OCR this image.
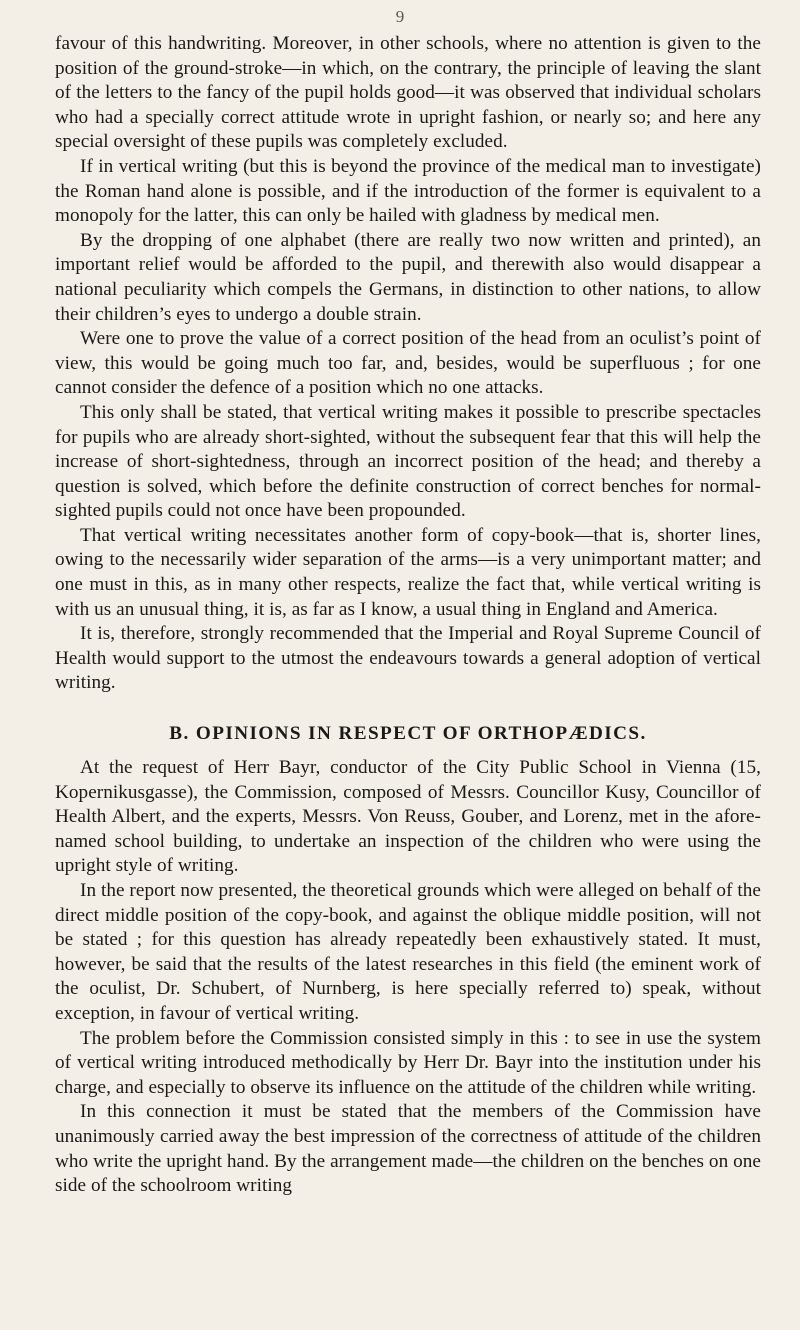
9

favour of this handwriting. Moreover, in other schools, where no attention is given to the position of the ground-stroke—in which, on the contrary, the principle of leaving the slant of the letters to the fancy of the pupil holds good—it was observed that individual scholars who had a specially correct attitude wrote in upright fashion, or nearly so; and here any special oversight of these pupils was completely excluded.

If in vertical writing (but this is beyond the province of the medical man to investigate) the Roman hand alone is possible, and if the introduction of the former is equivalent to a monopoly for the latter, this can only be hailed with gladness by medical men.

By the dropping of one alphabet (there are really two now written and printed), an important relief would be afforded to the pupil, and therewith also would disappear a national peculiarity which compels the Germans, in distinction to other nations, to allow their children’s eyes to undergo a double strain.

Were one to prove the value of a correct position of the head from an oculist’s point of view, this would be going much too far, and, besides, would be superfluous ; for one cannot consider the defence of a position which no one attacks.

This only shall be stated, that vertical writing makes it possible to prescribe spectacles for pupils who are already short-sighted, without the subsequent fear that this will help the increase of short-sightedness, through an incorrect position of the head; and thereby a question is solved, which before the definite construction of correct benches for normal-sighted pupils could not once have been propounded.

That vertical writing necessitates another form of copy-book—that is, shorter lines, owing to the necessarily wider separation of the arms—is a very unimportant matter; and one must in this, as in many other respects, realize the fact that, while vertical writing is with us an unusual thing, it is, as far as I know, a usual thing in England and America.

It is, therefore, strongly recommended that the Imperial and Royal Supreme Council of Health would support to the utmost the endeavours towards a general adoption of vertical writing.

B. OPINIONS IN RESPECT OF ORTHOPÆDICS.

At the request of Herr Bayr, conductor of the City Public School in Vienna (15, Kopernikusgasse), the Commission, composed of Messrs. Councillor Kusy, Councillor of Health Albert, and the experts, Messrs. Von Reuss, Gouber, and Lorenz, met in the afore-named school building, to undertake an inspection of the children who were using the upright style of writing.

In the report now presented, the theoretical grounds which were alleged on behalf of the direct middle position of the copy-book, and against the oblique middle position, will not be stated ; for this question has already repeatedly been exhaustively stated. It must, however, be said that the results of the latest researches in this field (the eminent work of the oculist, Dr. Schubert, of Nurnberg, is here specially referred to) speak, without exception, in favour of vertical writing.

The problem before the Commission consisted simply in this : to see in use the system of vertical writing introduced methodically by Herr Dr. Bayr into the institution under his charge, and especially to observe its influence on the attitude of the children while writing.

In this connection it must be stated that the members of the Commission have unanimously carried away the best impression of the correctness of attitude of the children who write the upright hand. By the arrangement made—the children on the benches on one side of the schoolroom writing
